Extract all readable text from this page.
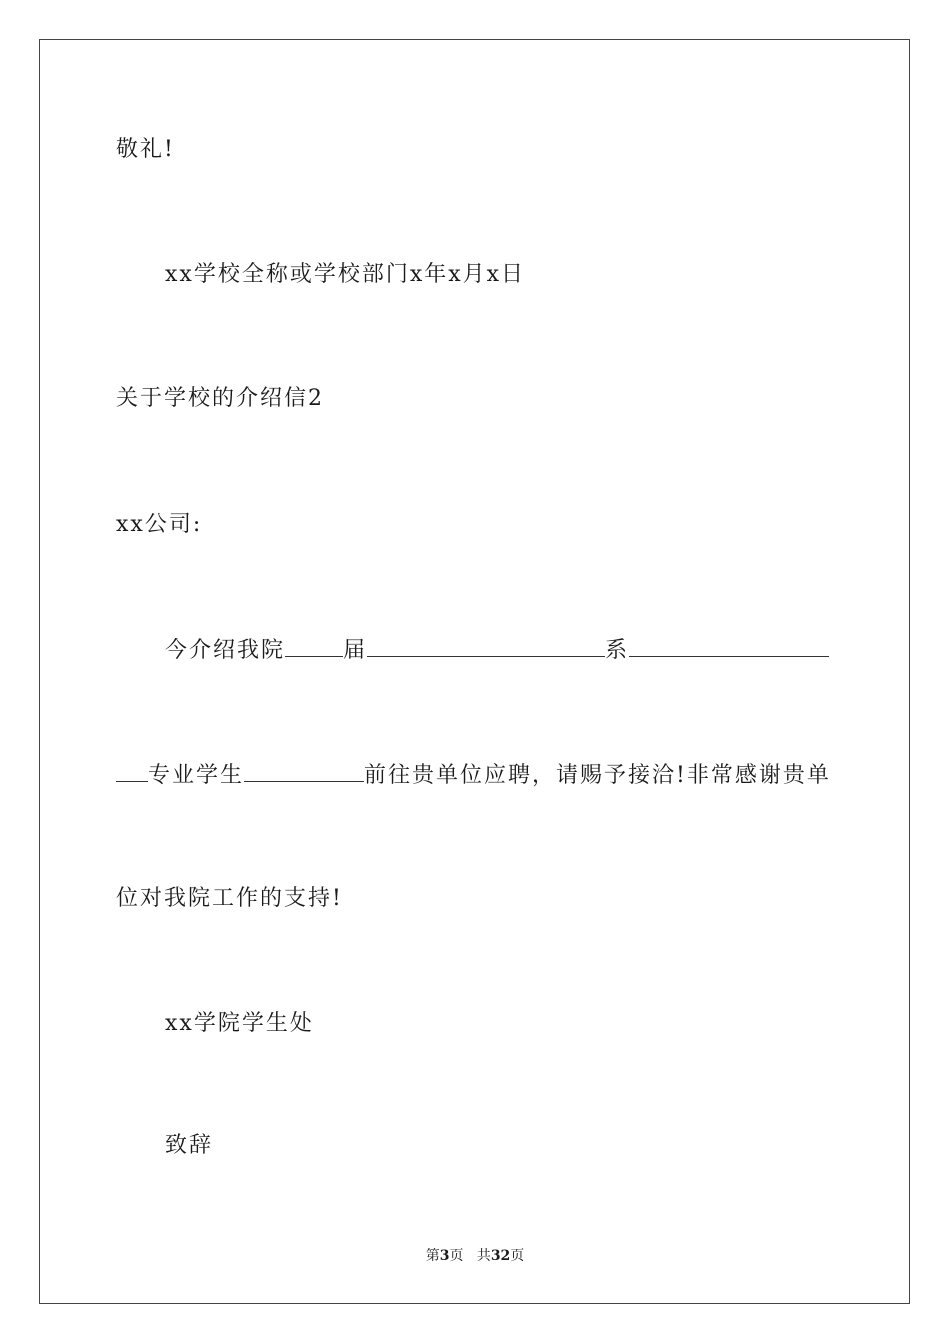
敬礼!
xx学校全称或学校部门x年x月x日
关于学校的介绍信2
xx公司:
今介绍我院	届	系
专业学生	前往贵单位应聘，请赐予接洽!非常感谢贵单
位对我院工作的支持!
xx学院学生处
致辞
第3页 共32页
